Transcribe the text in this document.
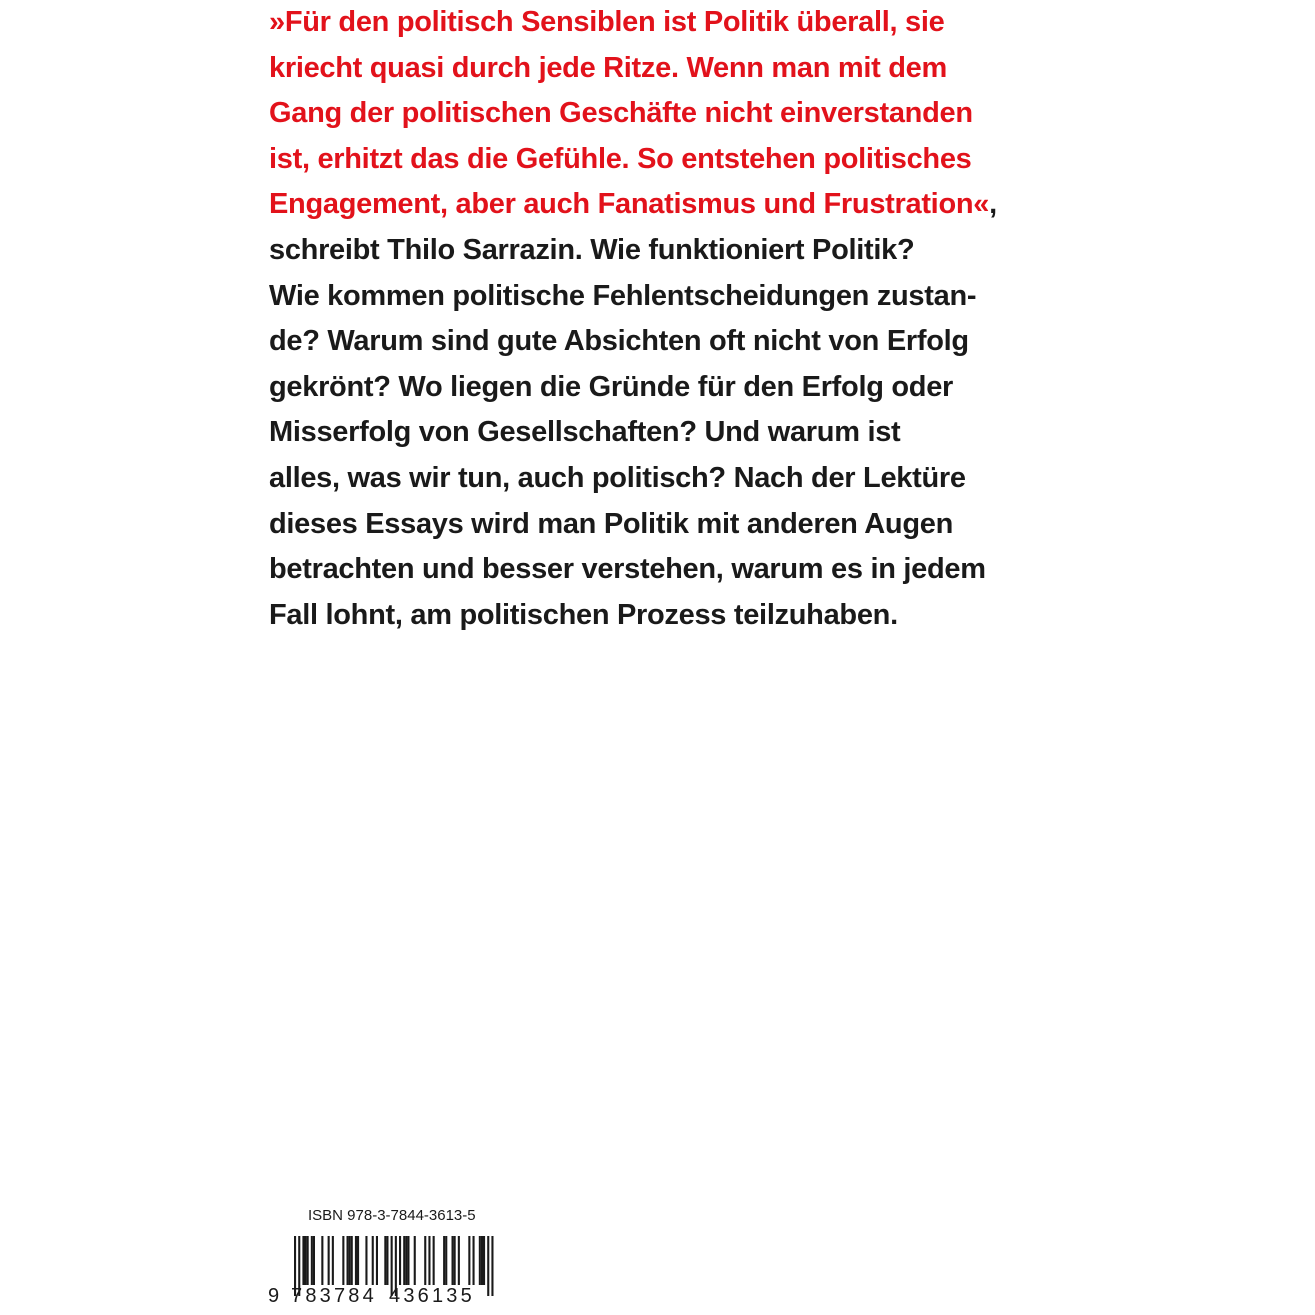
»Für den politisch Sensiblen ist Politik überall, sie
kriecht quasi durch jede Ritze. Wenn man mit dem
Gang der politischen Geschäfte nicht einverstanden
ist, erhitzt das die Gefühle. So entstehen politisches
Engagement, aber auch Fanatismus und Frustration«,
schreibt Thilo Sarrazin. Wie funktioniert Politik?
Wie kommen politische Fehlentscheidungen zustan-
de? Warum sind gute Absichten oft nicht von Erfolg
gekrönt? Wo liegen die Gründe für den Erfolg oder
Misserfolg von Gesellschaften? Und warum ist
alles, was wir tun, auch politisch? Nach der Lektüre
dieses Essays wird man Politik mit anderen Augen
betrachten und besser verstehen, warum es in jedem
Fall lohnt, am politischen Prozess teilzuhaben.
ISBN 978-3-7844-3613-5
9 783784 436135
